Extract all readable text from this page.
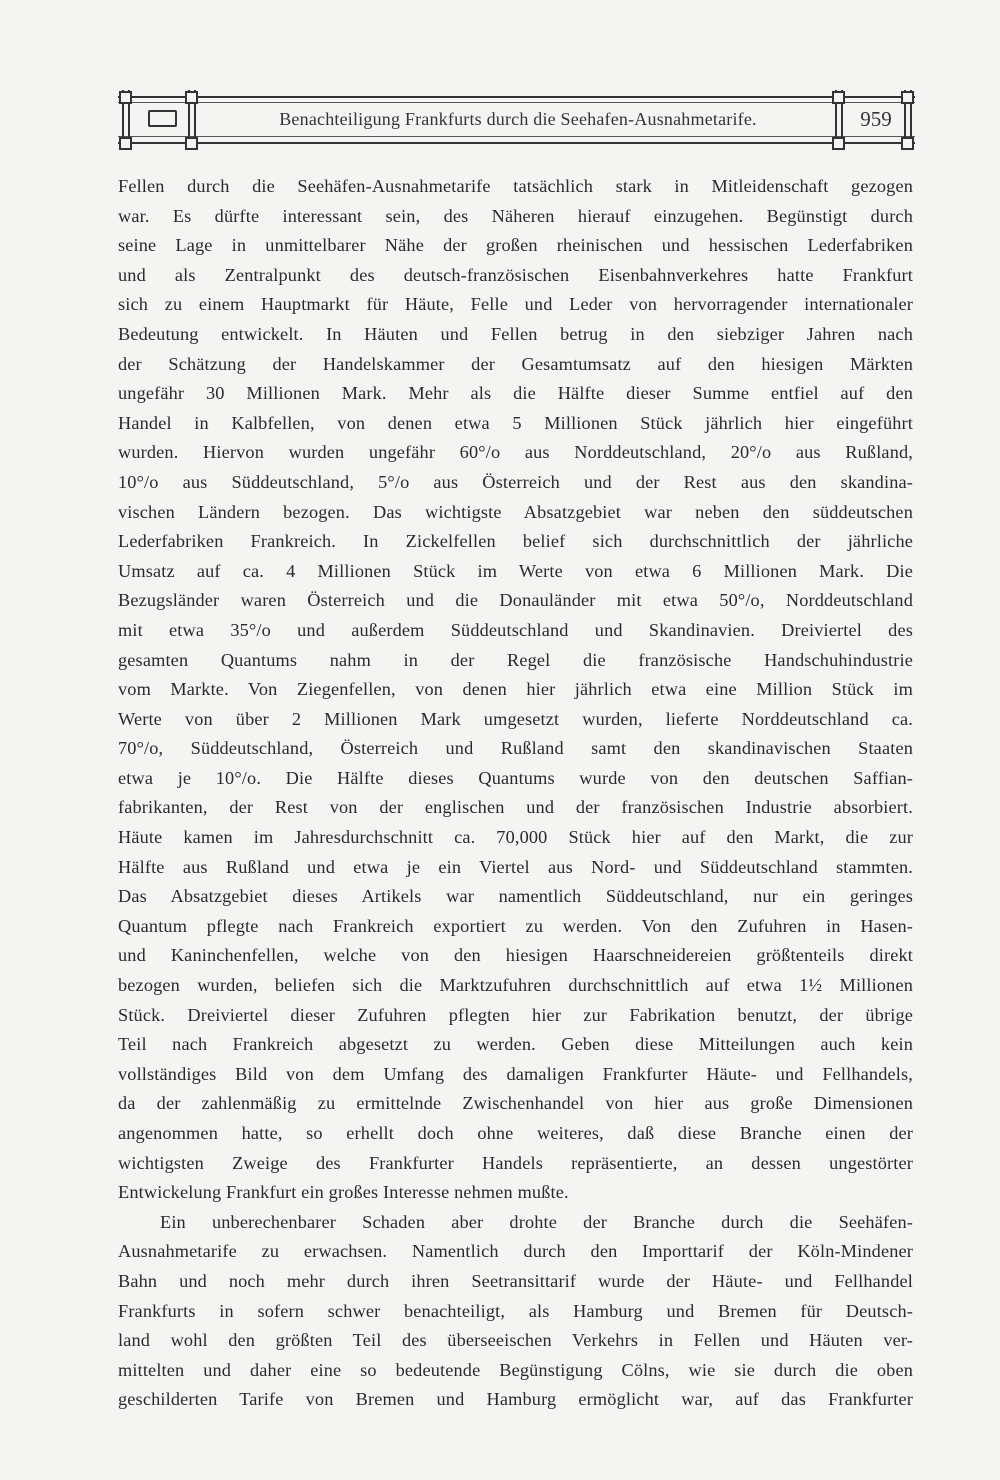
Benachteiligung Frankfurts durch die Seehafen-Ausnahmetarife.	959

Fellen durch die Seehäfen-Ausnahmetarife tatsächlich stark in Mitleidenschaft gezogen

war. Es dürfte interessant sein, des Näheren hierauf einzugehen. Begünstigt durch

seine Lage in unmittelbarer Nähe der großen rheinischen und hessischen Lederfabriken

und als Zentralpunkt des deutsch-französischen Eisenbahnverkehres hatte Frankfurt

sich zu einem Hauptmarkt für Häute, Felle und Leder von hervorragender internationaler

Bedeutung entwickelt. In Häuten und Fellen betrug in den siebziger Jahren nach

der Schätzung der Handelskammer der Gesamtumsatz auf den hiesigen Märkten

ungefähr 30 Millionen Mark. Mehr als die Hälfte dieser Summe entfiel auf den

Handel in Kalbfellen, von denen etwa 5 Millionen Stück jährlich hier eingeführt

wurden. Hiervon wurden ungefähr 60°/o aus Norddeutschland, 20°/o aus Rußland,

10°/o aus Süddeutschland, 5°/o aus Österreich und der Rest aus den skandina-

vischen Ländern bezogen. Das wichtigste Absatzgebiet war neben den süddeutschen

Lederfabriken Frankreich. In Zickelfellen belief sich durchschnittlich der jährliche

Umsatz auf ca. 4 Millionen Stück im Werte von etwa 6 Millionen Mark. Die

Bezugsländer waren Österreich und die Donauländer mit etwa 50°/o, Norddeutschland

mit etwa 35°/o und außerdem Süddeutschland und Skandinavien. Dreiviertel des

gesamten Quantums nahm in der Regel die französische Handschuhindustrie

vom Markte. Von Ziegenfellen, von denen hier jährlich etwa eine Million Stück im

Werte von über 2 Millionen Mark umgesetzt wurden, lieferte Norddeutschland ca.

70°/o, Süddeutschland, Österreich und Rußland samt den skandinavischen Staaten

etwa je 10°/o. Die Hälfte dieses Quantums wurde von den deutschen Saffian-

fabrikanten, der Rest von der englischen und der französischen Industrie absorbiert.

Häute kamen im Jahresdurchschnitt ca. 70,000 Stück hier auf den Markt, die zur

Hälfte aus Rußland und etwa je ein Viertel aus Nord- und Süddeutschland stammten.

Das Absatzgebiet dieses Artikels war namentlich Süddeutschland, nur ein geringes

Quantum pflegte nach Frankreich exportiert zu werden. Von den Zufuhren in Hasen-

und Kaninchenfellen, welche von den hiesigen Haarschneidereien größtenteils direkt

bezogen wurden, beliefen sich die Marktzufuhren durchschnittlich auf etwa 1½ Millionen

Stück. Dreiviertel dieser Zufuhren pflegten hier zur Fabrikation benutzt, der übrige

Teil nach Frankreich abgesetzt zu werden. Geben diese Mitteilungen auch kein

vollständiges Bild von dem Umfang des damaligen Frankfurter Häute- und Fellhandels,

da der zahlenmäßig zu ermittelnde Zwischenhandel von hier aus große Dimensionen

angenommen hatte, so erhellt doch ohne weiteres, daß diese Branche einen der

wichtigsten Zweige des Frankfurter Handels repräsentierte, an dessen ungestörter

Entwickelung Frankfurt ein großes Interesse nehmen mußte.

Ein unberechenbarer Schaden aber drohte der Branche durch die Seehäfen-

Ausnahmetarife zu erwachsen. Namentlich durch den Importtarif der Köln-Mindener

Bahn und noch mehr durch ihren Seetransittarif wurde der Häute- und Fellhandel

Frankfurts in sofern schwer benachteiligt, als Hamburg und Bremen für Deutsch-

land wohl den größten Teil des überseeischen Verkehrs in Fellen und Häuten ver-

mittelten und daher eine so bedeutende Begünstigung Cölns, wie sie durch die oben

geschilderten Tarife von Bremen und Hamburg ermöglicht war, auf das Frankfurter
